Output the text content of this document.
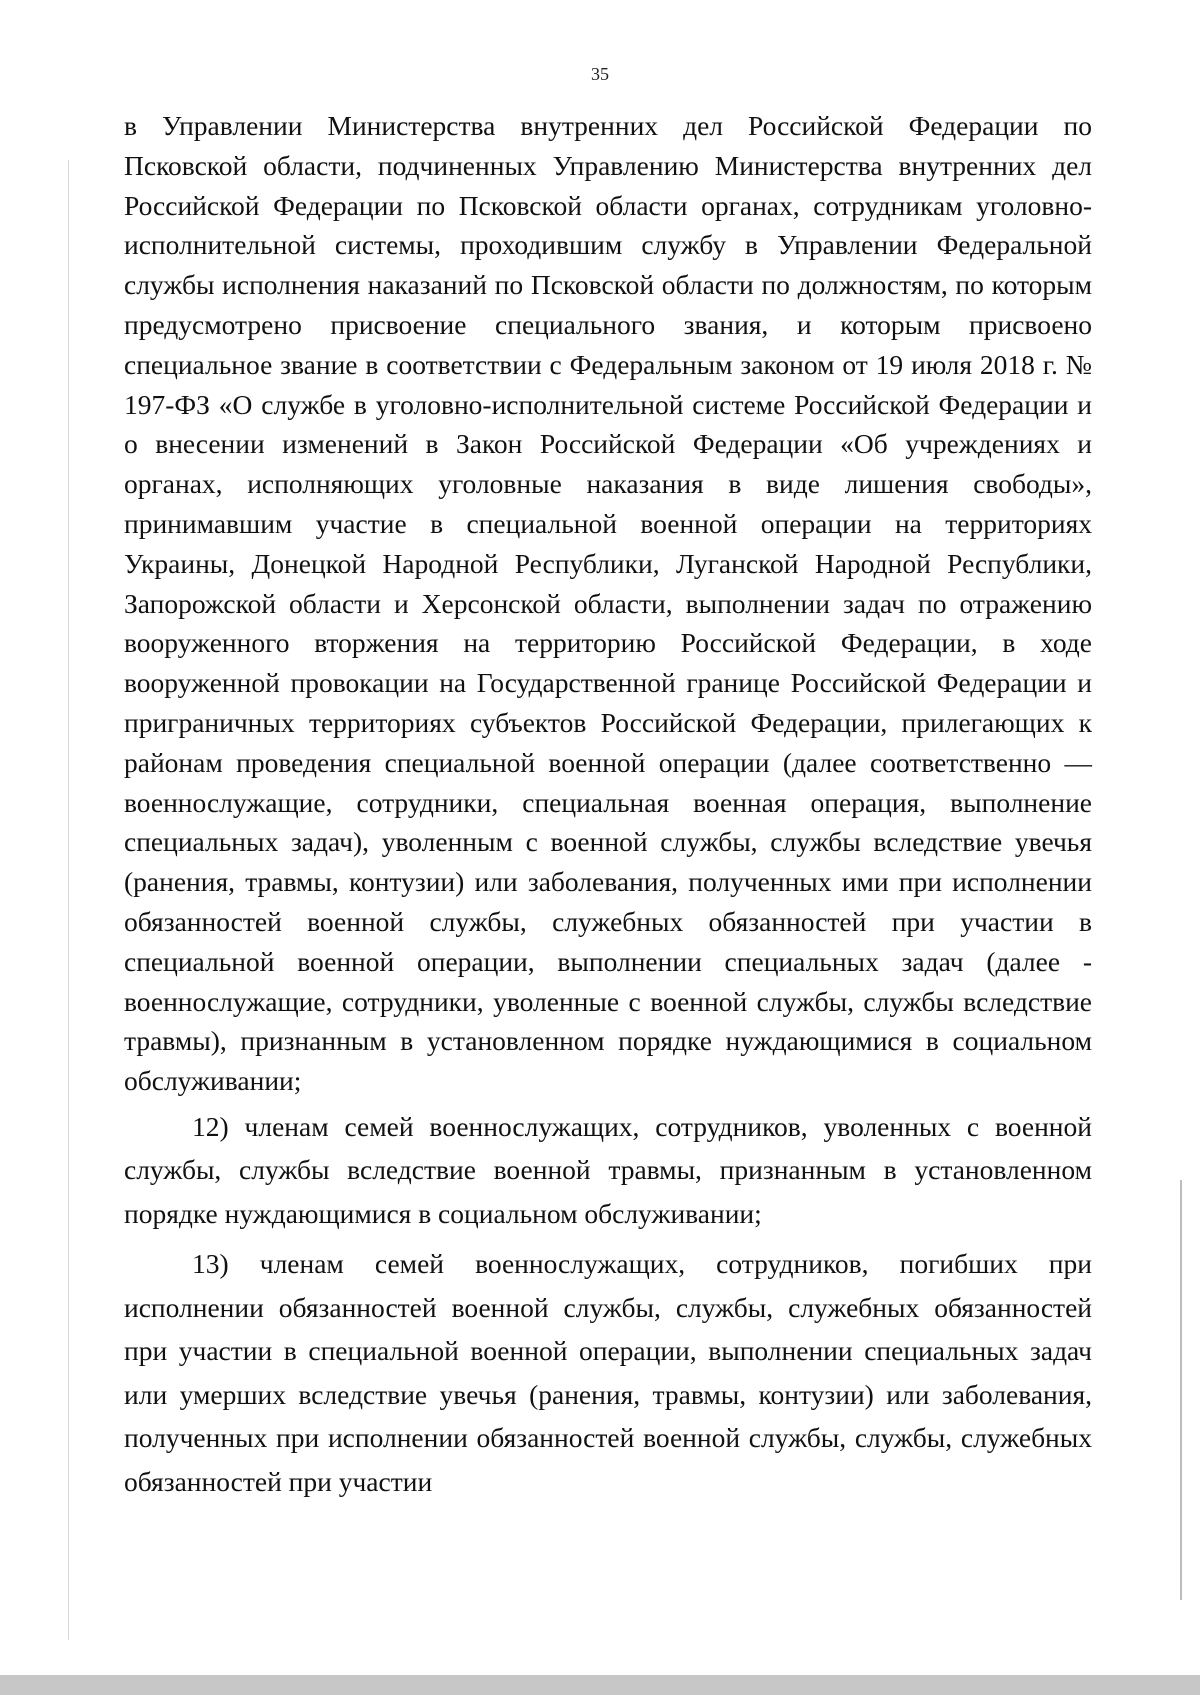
35

в Управлении Министерства внутренних дел Российской Федерации по Псковской области, подчиненных Управлению Министерства внутренних дел Российской Федерации по Псковской области органах, сотрудникам уголовно-исполнительной системы, проходившим службу в Управлении Федеральной службы исполнения наказаний по Псковской области по должностям, по которым предусмотрено присвоение специального звания, и которым присвоено специальное звание в соответствии с Федеральным законом от 19 июля 2018 г. № 197-ФЗ «О службе в уголовно-исполнительной системе Российской Федерации и о внесении изменений в Закон Российской Федерации «Об учреждениях и органах, исполняющих уголовные наказания в виде лишения свободы», принимавшим участие в специальной военной операции на территориях Украины, Донецкой Народной Республики, Луганской Народной Республики, Запорожской области и Херсонской области, выполнении задач по отражению вооруженного вторжения на территорию Российской Федерации, в ходе вооруженной провокации на Государственной границе Российской Федерации и приграничных территориях субъектов Российской Федерации, прилегающих к районам проведения специальной военной операции (далее соответственно — военнослужащие, сотрудники, специальная военная операция, выполнение специальных задач), уволенным с военной службы, службы вследствие увечья (ранения, травмы, контузии) или заболевания, полученных ими при исполнении обязанностей военной службы, служебных обязанностей при участии в специальной военной операции, выполнении специальных задач (далее - военнослужащие, сотрудники, уволенные с военной службы, службы вследствие травмы), признанным в установленном порядке нуждающимися в социальном обслуживании;

12) членам семей военнослужащих, сотрудников, уволенных с военной службы, службы вследствие военной травмы, признанным в установленном порядке нуждающимися в социальном обслуживании;

13) членам семей военнослужащих, сотрудников, погибших при исполнении обязанностей военной службы, службы, служебных обязанностей при участии в специальной военной операции, выполнении специальных задач или умерших вследствие увечья (ранения, травмы, контузии) или заболевания, полученных при исполнении обязанностей военной службы, службы, служебных обязанностей при участии
